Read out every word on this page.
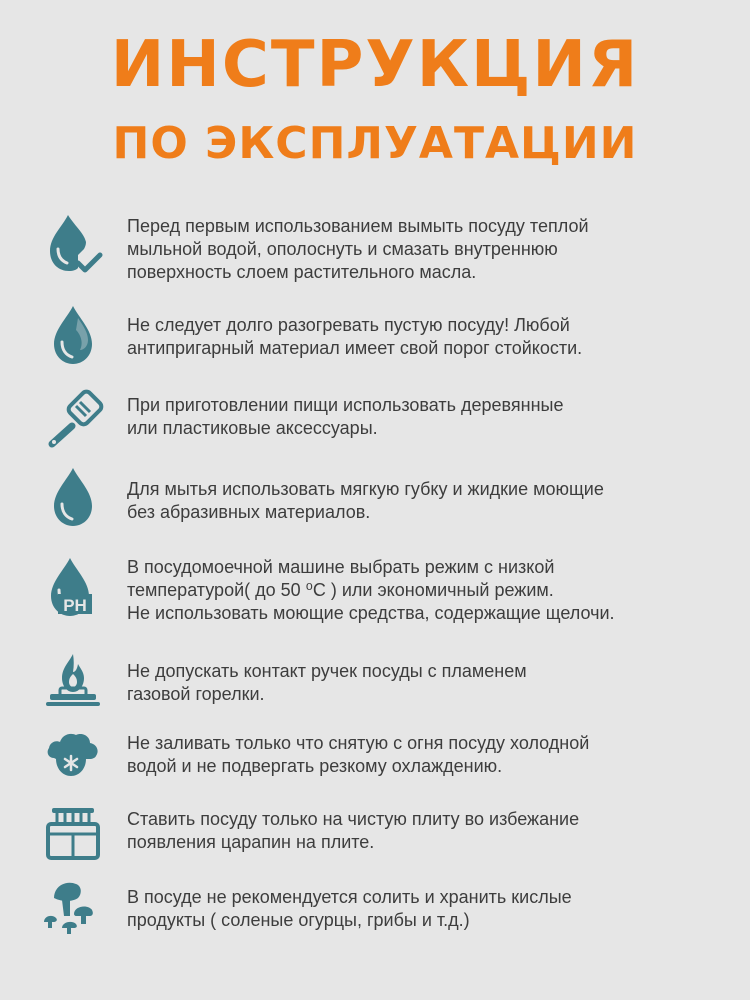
ИНСТРУКЦИЯ
ПО ЭКСПЛУАТАЦИИ

Перед первым использованием вымыть посуду теплой
мыльной водой, ополоснуть и смазать внутреннюю
поверхность слоем растительного масла.

Не следует долго разогревать пустую посуду! Любой
антипригарный материал имеет свой порог стойкости.

При приготовлении пищи использовать деревянные
или пластиковые аксессуары.

Для мытья использовать мягкую губку и жидкие моющие
без абразивных материалов.

PH

В посудомоечной машине выбрать режим с низкой
температурой( до 50 ⁰С ) или экономичный режим.
Не использовать моющие средства, содержащие щелочи.

Не допускать контакт ручек посуды с пламенем
газовой горелки.

Не заливать только что снятую с огня посуду холодной
водой и не подвергать резкому охлаждению.

Ставить посуду только на чистую плиту во избежание
появления царапин на плите.

В посуде не рекомендуется солить и хранить кислые
продукты ( соленые огурцы, грибы и т.д.)
